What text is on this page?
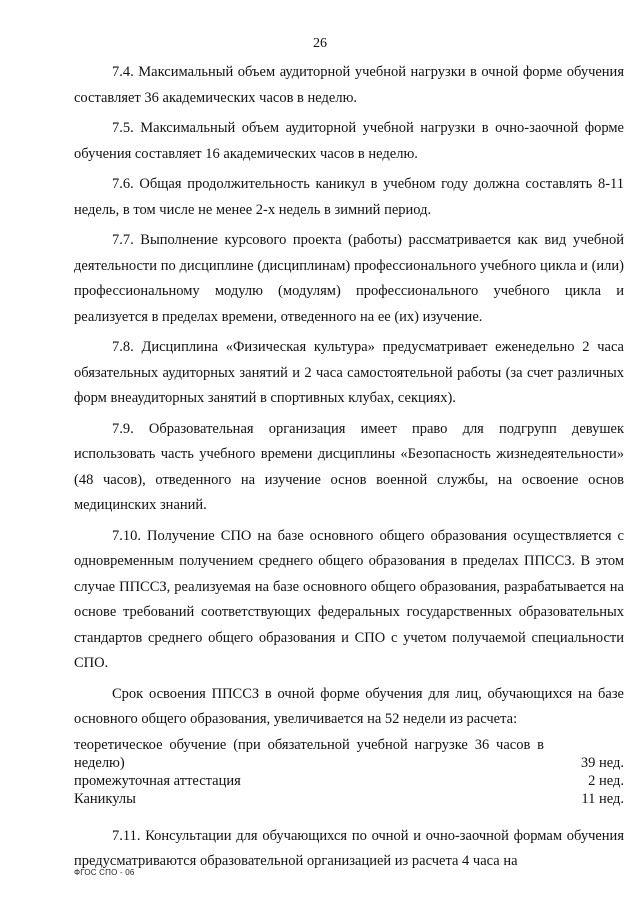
26

7.4. Максимальный объем аудиторной учебной нагрузки в очной форме обучения составляет 36 академических часов в неделю.

7.5. Максимальный объем аудиторной учебной нагрузки в очно-заочной форме обучения составляет 16 академических часов в неделю.

7.6. Общая продолжительность каникул в учебном году должна составлять 8-11 недель, в том числе не менее 2-х недель в зимний период.

7.7. Выполнение курсового проекта (работы) рассматривается как вид учебной деятельности по дисциплине (дисциплинам) профессионального учебного цикла и (или) профессиональному модулю (модулям) профессионального учебного цикла и реализуется в пределах времени, отведенного на ее (их) изучение.

7.8. Дисциплина «Физическая культура» предусматривает еженедельно 2 часа обязательных аудиторных занятий и 2 часа самостоятельной работы (за счет различных форм внеаудиторных занятий в спортивных клубах, секциях).

7.9. Образовательная организация имеет право для подгрупп девушек использовать часть учебного времени дисциплины «Безопасность жизнедеятельности» (48 часов), отведенного на изучение основ военной службы, на освоение основ медицинских знаний.

7.10. Получение СПО на базе основного общего образования осуществляется с одновременным получением среднего общего образования в пределах ППССЗ. В этом случае ППССЗ, реализуемая на базе основного общего образования, разрабатывается на основе требований соответствующих федеральных государственных образовательных стандартов среднего общего образования и СПО с учетом получаемой специальности СПО.

Срок освоения ППССЗ в очной форме обучения для лиц, обучающихся на базе основного общего образования, увеличивается на 52 недели из расчета:

теоретическое обучение (при обязательной учебной нагрузке 36 часов в неделю)	39 нед.
промежуточная аттестация	2 нед.
Каникулы	11 нед.

7.11. Консультации для обучающихся по очной и очно-заочной формам обучения предусматриваются образовательной организацией из расчета 4 часа на

ФГОС СПО - 06
